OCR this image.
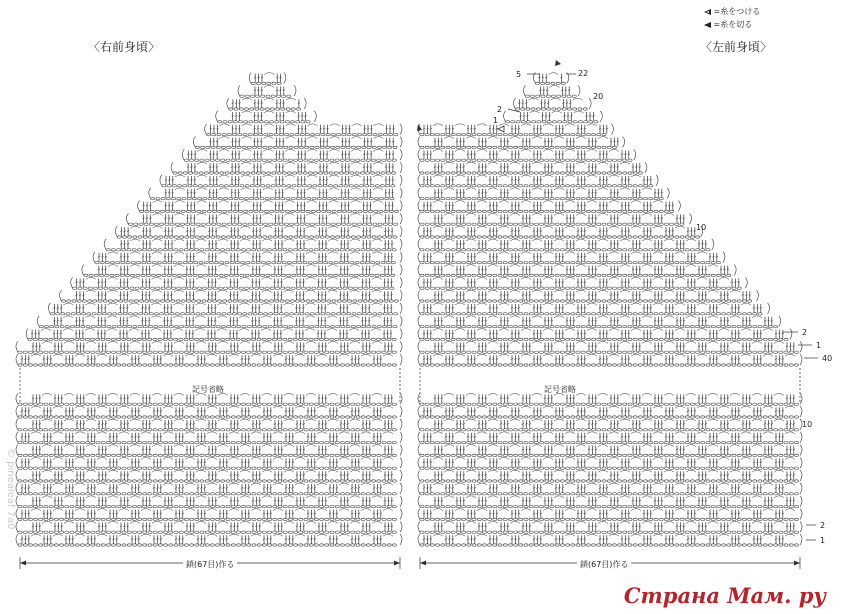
=糸をつける
=糸を切る
〈右前身頃〉	〈左前身頃〉
記号省略	記号省略
鎖(67目)作る	鎖(67目)作る
5	22
20
2
1
10
2
1
40
10
2
1
© pinealeaf 7a0
Страна Мам. ру
